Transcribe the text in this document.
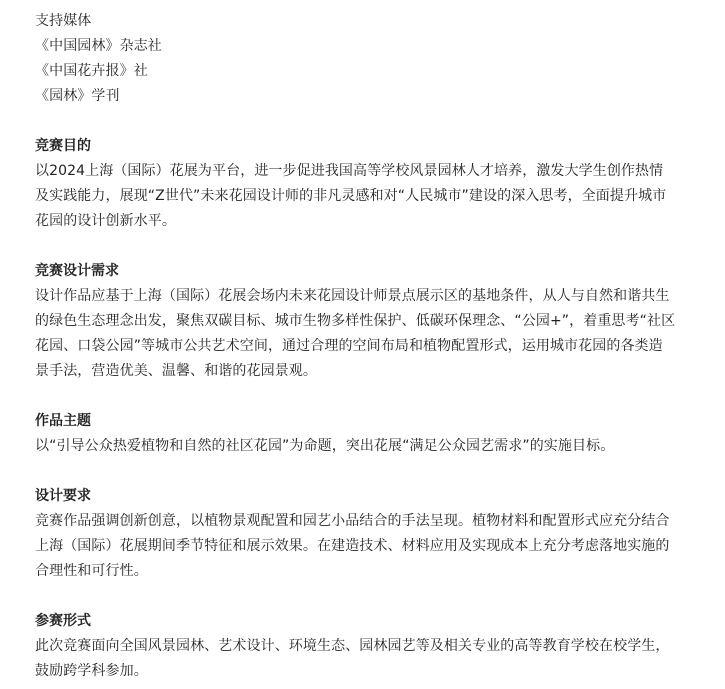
支持媒体
《中国园林》杂志社
《中国花卉报》社
《园林》学刊
竞赛目的
以2024上海（国际）花展为平台，进一步促进我国高等学校风景园林人才培养，激发大学生创作热情
及实践能力，展现“Z世代”未来花园设计师的非凡灵感和对“人民城市”建设的深入思考，全面提升城市
花园的设计创新水平。
竞赛设计需求
设计作品应基于上海（国际）花展会场内未来花园设计师景点展示区的基地条件，从人与自然和谐共生
的绿色生态理念出发，聚焦双碳目标、城市生物多样性保护、低碳环保理念、“公园+”，着重思考“社区
花园、口袋公园”等城市公共艺术空间，通过合理的空间布局和植物配置形式，运用城市花园的各类造
景手法，营造优美、温馨、和谐的花园景观。
作品主题
以“引导公众热爱植物和自然的社区花园”为命题，突出花展“满足公众园艺需求”的实施目标。
设计要求
竞赛作品强调创新创意，以植物景观配置和园艺小品结合的手法呈现。植物材料和配置形式应充分结合
上海（国际）花展期间季节特征和展示效果。在建造技术、材料应用及实现成本上充分考虑落地实施的
合理性和可行性。
参赛形式
此次竞赛面向全国风景园林、艺术设计、环境生态、园林园艺等及相关专业的高等教育学校在校学生，
鼓励跨学科参加。
